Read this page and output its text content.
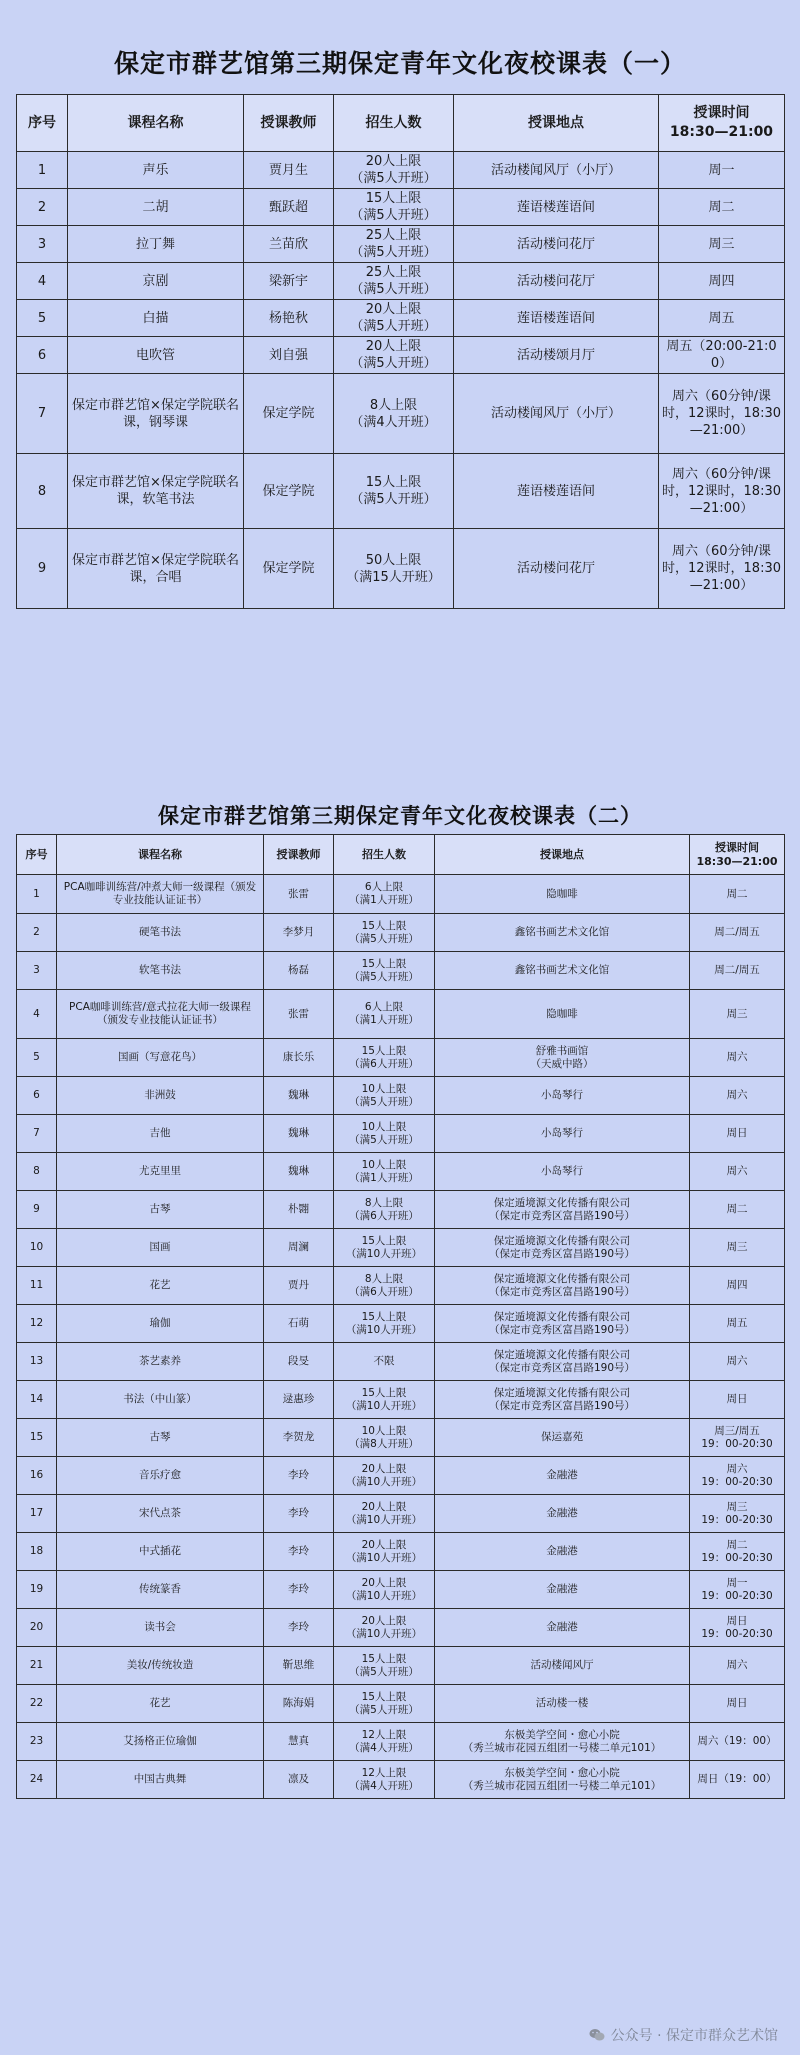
保定市群艺馆第三期保定青年文化夜校课表（一）
序号	课程名称	授课教师	招生人数	授课地点	授课时间
18:30—21:00

1	声乐	贾月生	20人上限
（满5人开班）	活动楼闻风厅（小厅）	周一

2	二胡	甄跃超	15人上限
（满5人开班）	莲语楼莲语间	周二

3	拉丁舞	兰苗欣	25人上限
（满5人开班）	活动楼问花厅	周三

4	京剧	梁新宇	25人上限
（满5人开班）	活动楼问花厅	周四

5	白描	杨艳秋	20人上限
（满5人开班）	莲语楼莲语间	周五

6	电吹管	刘自强	20人上限
（满5人开班）	活动楼颂月厅	周五（20:00-21:00）

7	保定市群艺馆×保定学院联名课，钢琴课	保定学院	8人上限
（满4人开班）	活动楼闻风厅（小厅）	周六（60分钟/课时，12课时，18:30—21:00）

8	保定市群艺馆×保定学院联名课，软笔书法	保定学院	15人上限
（满5人开班）	莲语楼莲语间	周六（60分钟/课时，12课时，18:30—21:00）

9	保定市群艺馆×保定学院联名课，合唱	保定学院	50人上限
（满15人开班）	活动楼问花厅	周六（60分钟/课时，12课时，18:30—21:00）
保定市群艺馆第三期保定青年文化夜校课表（二）
序号	课程名称	授课教师	招生人数	授课地点	授课时间
18:30—21:00

1	PCA咖啡训练营/冲煮大师一级课程（颁发专业技能认证证书）	张雷	6人上限
（满1人开班）	隐咖啡	周二

2	硬笔书法	李梦月	15人上限
（满5人开班）	鑫铭书画艺术文化馆	周二/周五

3	软笔书法	杨磊	15人上限
（满5人开班）	鑫铭书画艺术文化馆	周二/周五

4	PCA咖啡训练营/意式拉花大师一级课程（颁发专业技能认证证书）	张雷	6人上限
（满1人开班）	隐咖啡	周三

5	国画（写意花鸟）	康长乐	15人上限
（满6人开班）	舒雅书画馆
（天威中路）	周六

6	非洲鼓	魏琳	10人上限
（满5人开班）	小岛琴行	周六

7	吉他	魏琳	10人上限
（满5人开班）	小岛琴行	周日

8	尤克里里	魏琳	10人上限
（满1人开班）	小岛琴行	周六

9	古琴	朴翾	8人上限
（满6人开班）	保定遁境源文化传播有限公司
（保定市竞秀区富昌路190号）	周二

10	国画	周澜	15人上限
（满10人开班）	保定遁境源文化传播有限公司
（保定市竞秀区富昌路190号）	周三

11	花艺	贾丹	8人上限
（满6人开班）	保定遁境源文化传播有限公司
（保定市竞秀区富昌路190号）	周四

12	瑜伽	石萌	15人上限
（满10人开班）	保定遁境源文化传播有限公司
（保定市竞秀区富昌路190号）	周五

13	茶艺素养	段旻	不限	保定遁境源文化传播有限公司
（保定市竞秀区富昌路190号）	周六

14	书法（中山篆）	逯惠珍	15人上限
（满10人开班）	保定遁境源文化传播有限公司
（保定市竞秀区富昌路190号）	周日

15	古琴	李贺龙	10人上限
（满8人开班）	保运嘉苑	周三/周五
19：00-20:30

16	音乐疗愈	李玲	20人上限
（满10人开班）	金融港	周六
19：00-20:30

17	宋代点茶	李玲	20人上限
（满10人开班）	金融港	周三
19：00-20:30

18	中式插花	李玲	20人上限
（满10人开班）	金融港	周二
19：00-20:30

19	传统篆香	李玲	20人上限
（满10人开班）	金融港	周一
19：00-20:30

20	读书会	李玲	20人上限
（满10人开班）	金融港	周日
19：00-20:30

21	美妆/传统妆造	靳思维	15人上限
（满5人开班）	活动楼闻风厅	周六

22	花艺	陈海娟	15人上限
（满5人开班）	活动楼一楼	周日

23	艾扬格正位瑜伽	慧真	12人上限
（满4人开班）	东极美学空间・愈心小院
（秀兰城市花园五组团一号楼二单元101）	周六（19：00）

24	中国古典舞	凛及	12人上限
（满4人开班）	东极美学空间・愈心小院
（秀兰城市花园五组团一号楼二单元101）	周日（19：00）
公众号 · 保定市群众艺术馆
